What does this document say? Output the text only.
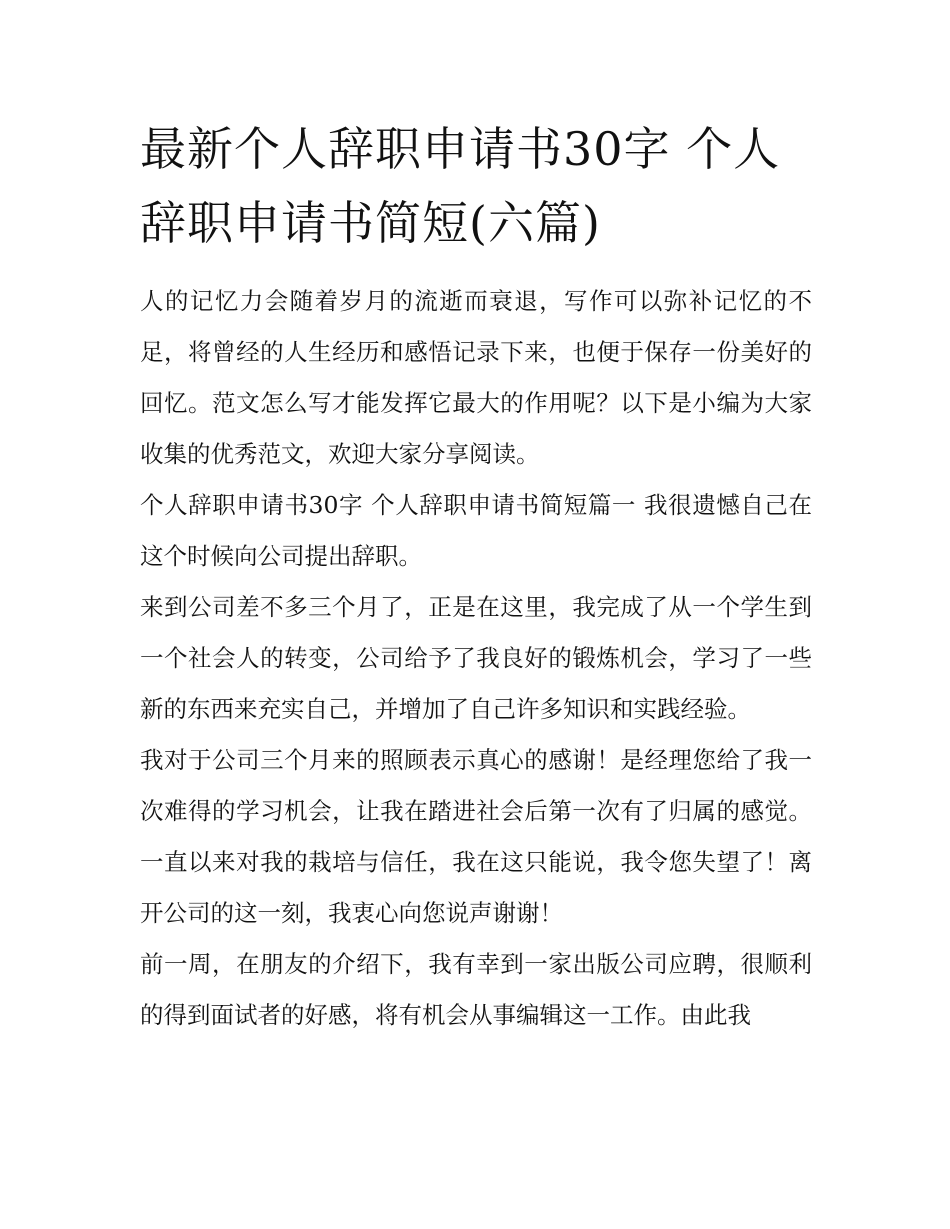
最新个人辞职申请书30字 个人辞职申请书简短(六篇)

人的记忆力会随着岁月的流逝而衰退，写作可以弥补记忆的不足，将曾经的人生经历和感悟记录下来，也便于保存一份美好的回忆。范文怎么写才能发挥它最大的作用呢？以下是小编为大家收集的优秀范文，欢迎大家分享阅读。

个人辞职申请书30字 个人辞职申请书简短篇一 我很遗憾自己在这个时候向公司提出辞职。

来到公司差不多三个月了，正是在这里，我完成了从一个学生到一个社会人的转变，公司给予了我良好的锻炼机会，学习了一些新的东西来充实自己，并增加了自己许多知识和实践经验。

我对于公司三个月来的照顾表示真心的感谢！是经理您给了我一次难得的学习机会，让我在踏进社会后第一次有了归属的感觉。一直以来对我的栽培与信任，我在这只能说，我令您失望了！离开公司的这一刻，我衷心向您说声谢谢！

前一周，在朋友的介绍下，我有幸到一家出版公司应聘，很顺利的得到面试者的好感，将有机会从事编辑这一工作。由此我
